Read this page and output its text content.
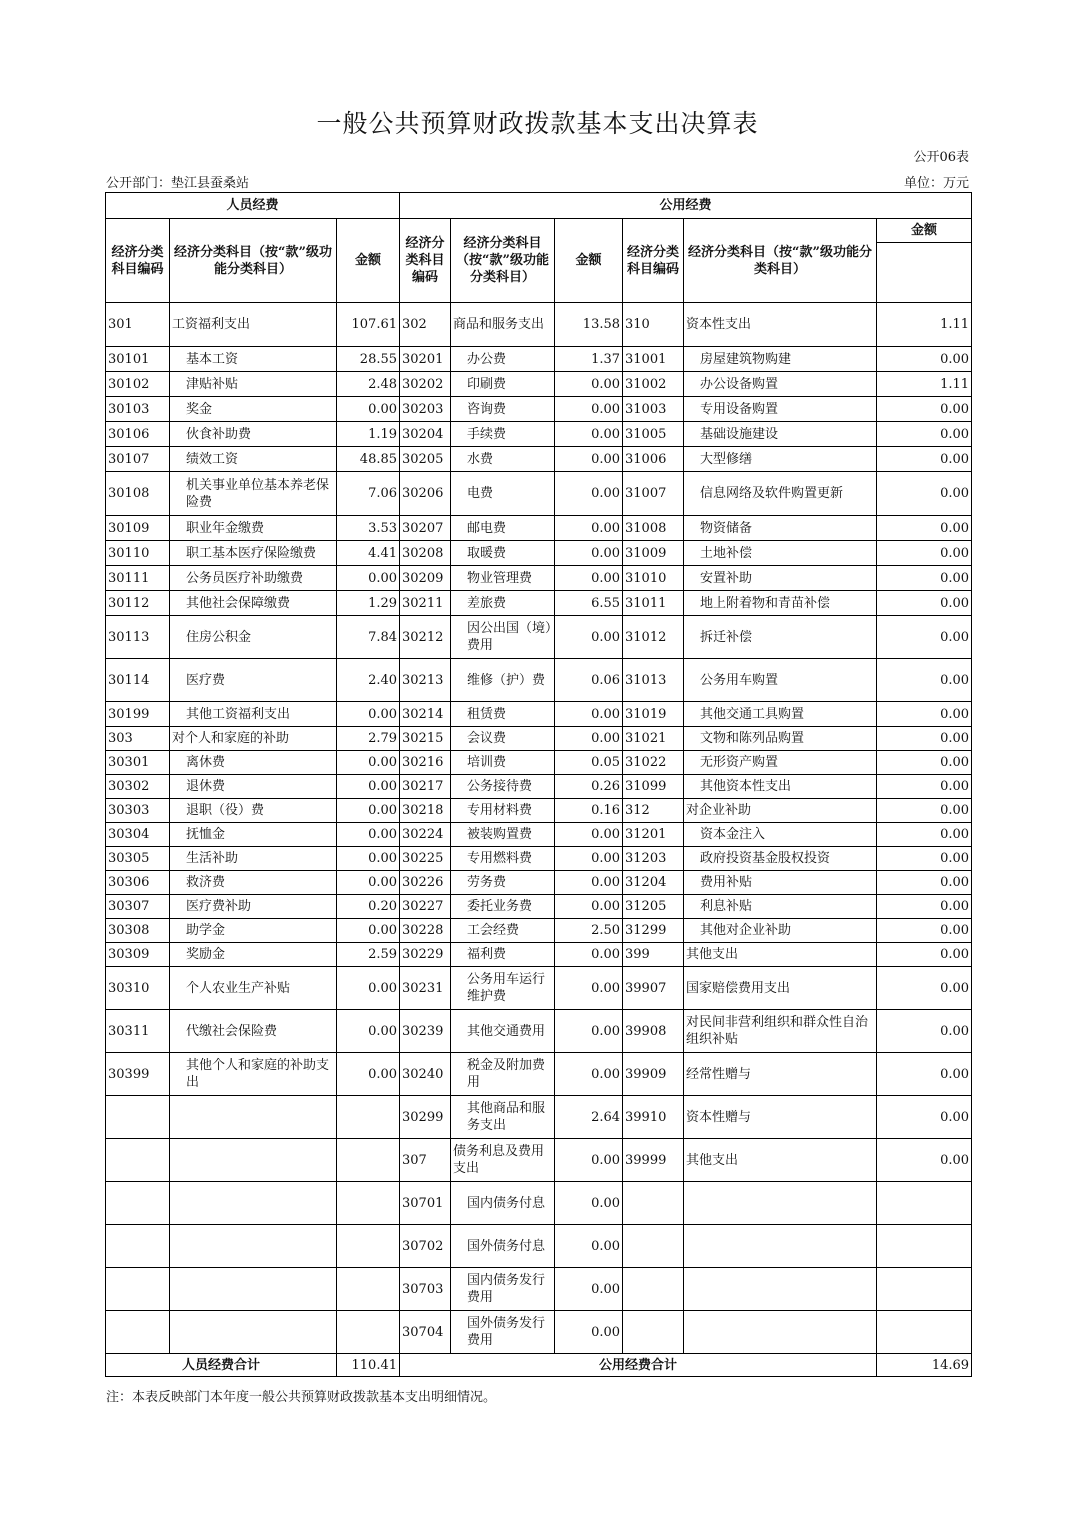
一般公共预算财政拨款基本支出决算表
公开06表
公开部门：垫江县蚕桑站	单位：万元
人员经费			公用经费					
经济分类科目编码	经济分类科目（按“款”级功能分类科目）	金额	经济分类科目编码	经济分类科目（按“款”级功能分类科目）	金额	经济分类科目编码	经济分类科目（按“款”级功能分类科目）	金额

301	工资福利支出	107.61	302	商品和服务支出	13.58	310	资本性支出	1.11
30101	基本工资	28.55	30201	办公费	1.37	31001	房屋建筑物购建	0.00
30102	津贴补贴	2.48	30202	印刷费	0.00	31002	办公设备购置	1.11
30103	奖金	0.00	30203	咨询费	0.00	31003	专用设备购置	0.00
30106	伙食补助费	1.19	30204	手续费	0.00	31005	基础设施建设	0.00
30107	绩效工资	48.85	30205	水费	0.00	31006	大型修缮	0.00
30108	机关事业单位基本养老保险费	7.06	30206	电费	0.00	31007	信息网络及软件购置更新	0.00
30109	职业年金缴费	3.53	30207	邮电费	0.00	31008	物资储备	0.00
30110	职工基本医疗保险缴费	4.41	30208	取暖费	0.00	31009	土地补偿	0.00
30111	公务员医疗补助缴费	0.00	30209	物业管理费	0.00	31010	安置补助	0.00
30112	其他社会保障缴费	1.29	30211	差旅费	6.55	31011	地上附着物和青苗补偿	0.00
30113	住房公积金	7.84	30212	因公出国（境）费用	0.00	31012	拆迁补偿	0.00
30114	医疗费	2.40	30213	维修（护）费	0.06	31013	公务用车购置	0.00
30199	其他工资福利支出	0.00	30214	租赁费	0.00	31019	其他交通工具购置	0.00
303	对个人和家庭的补助	2.79	30215	会议费	0.00	31021	文物和陈列品购置	0.00
30301	离休费	0.00	30216	培训费	0.05	31022	无形资产购置	0.00
30302	退休费	0.00	30217	公务接待费	0.26	31099	其他资本性支出	0.00
30303	退职（役）费	0.00	30218	专用材料费	0.16	312	对企业补助	0.00
30304	抚恤金	0.00	30224	被装购置费	0.00	31201	资本金注入	0.00
30305	生活补助	0.00	30225	专用燃料费	0.00	31203	政府投资基金股权投资	0.00
30306	救济费	0.00	30226	劳务费	0.00	31204	费用补贴	0.00
30307	医疗费补助	0.20	30227	委托业务费	0.00	31205	利息补贴	0.00
30308	助学金	0.00	30228	工会经费	2.50	31299	其他对企业补助	0.00
30309	奖励金	2.59	30229	福利费	0.00	399	其他支出	0.00
30310	个人农业生产补贴	0.00	30231	公务用车运行维护费	0.00	39907	国家赔偿费用支出	0.00
30311	代缴社会保险费	0.00	30239	其他交通费用	0.00	39908	对民间非营利组织和群众性自治组织补贴	0.00
30399	其他个人和家庭的补助支出	0.00	30240	税金及附加费用	0.00	39909	经常性赠与	0.00
			30299	其他商品和服务支出	2.64	39910	资本性赠与	0.00
			307	债务利息及费用支出	0.00	39999	其他支出	0.00
			30701	国内债务付息	0.00			
			30702	国外债务付息	0.00			
			30703	国内债务发行费用	0.00			
			30704	国外债务发行费用	0.00			
人员经费合计		110.41	公用经费合计					14.69
注：本表反映部门本年度一般公共预算财政拨款基本支出明细情况。
